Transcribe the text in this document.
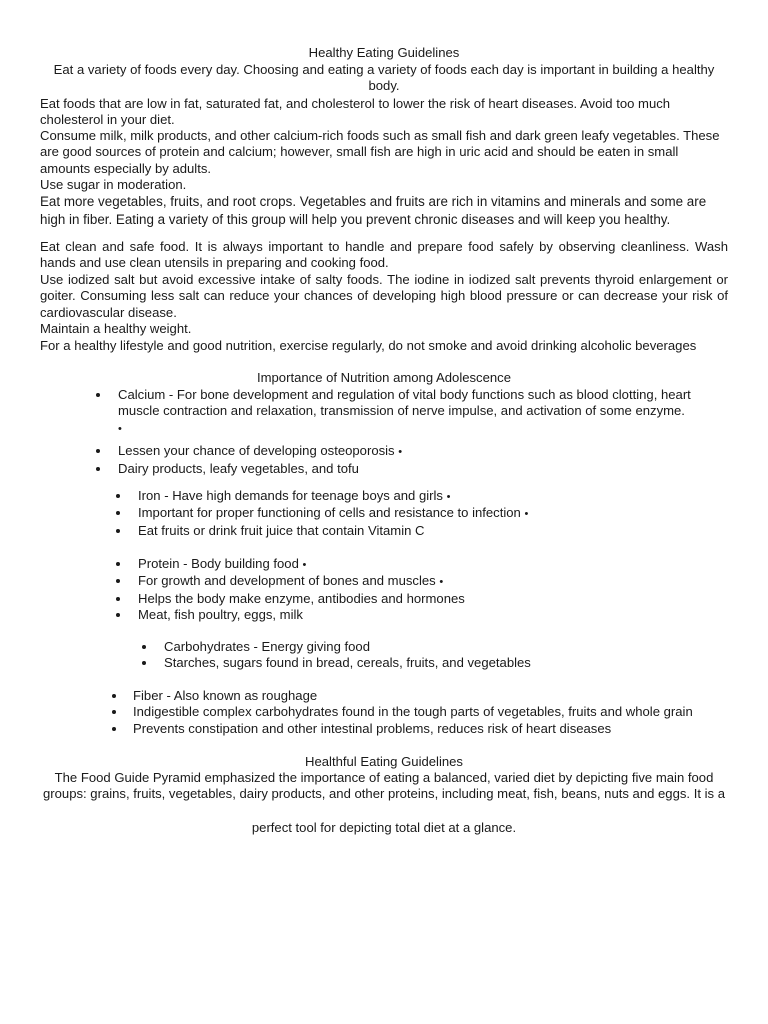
Healthy Eating Guidelines

Eat a variety of foods every day. Choosing and eating a variety of foods each day is important in building a healthy body.

Eat foods that are low in fat, saturated fat, and cholesterol to lower the risk of heart diseases. Avoid too much cholesterol in your diet.

Consume milk, milk products, and other calcium-rich foods such as small fish and dark green leafy vegetables. These are good sources of protein and calcium; however, small fish are high in uric acid and should be eaten in small amounts especially by adults.

Use sugar in moderation.

Eat more vegetables, fruits, and root crops. Vegetables and fruits are rich in vitamins and minerals and some are high in fiber. Eating a variety of this group will help you prevent chronic diseases and will keep you healthy.

Eat clean and safe food. It is always important to handle and prepare food safely by observing cleanliness. Wash hands and use clean utensils in preparing and cooking food.

Use iodized salt but avoid excessive intake of salty foods. The iodine in iodized salt prevents thyroid enlargement or goiter. Consuming less salt can reduce your chances of developing high blood pressure or can decrease your risk of cardiovascular disease.

Maintain a healthy weight.

For a healthy lifestyle and good nutrition, exercise regularly, do not smoke and avoid drinking alcoholic beverages

Importance of Nutrition among Adolescence

Calcium - For bone development and regulation of vital body functions such as blood clotting, heart muscle contraction and relaxation, transmission of nerve impulse, and activation of some enzyme.
•
Lessen your chance of developing osteoporosis •
Dairy products, leafy vegetables, and tofu
Iron - Have high demands for teenage boys and girls •
Important for proper functioning of cells and resistance to infection •
Eat fruits or drink fruit juice that contain Vitamin C
Protein - Body building food •
For growth and development of bones and muscles •
Helps the body make enzyme, antibodies and hormones
Meat, fish poultry, eggs, milk
Carbohydrates - Energy giving food
Starches, sugars found in bread, cereals, fruits, and vegetables
Fiber - Also known as roughage
Indigestible complex carbohydrates found in the tough parts of vegetables, fruits and whole grain
Prevents constipation and other intestinal problems, reduces risk of heart diseases

Healthful Eating Guidelines

The Food Guide Pyramid emphasized the importance of eating a balanced, varied diet by depicting five main food groups: grains, fruits, vegetables, dairy products, and other proteins, including meat, fish, beans, nuts and eggs. It is a

perfect tool for depicting total diet at a glance.
